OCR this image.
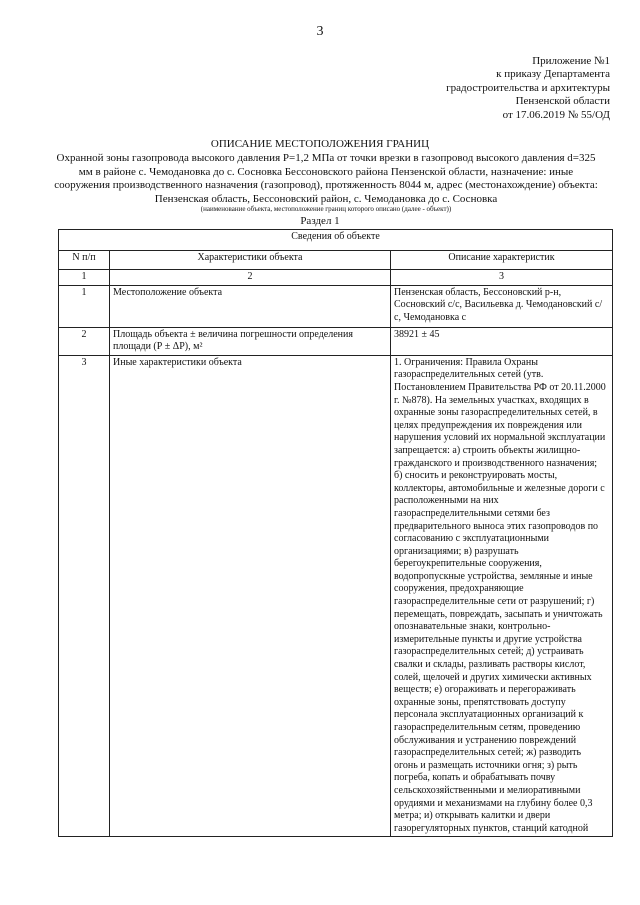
3
Приложение №1
к приказу Департамента
градостроительства и архитектуры
Пензенской области
от 17.06.2019 № 55/ОД
ОПИСАНИЕ МЕСТОПОЛОЖЕНИЯ ГРАНИЦ
Охранной зоны газопровода высокого давления Р=1,2 МПа от точки врезки в газопровод высокого давления d=325 мм в районе с. Чемодановка до с. Сосновка Бессоновского района Пензенской области, назначение: иные сооружения производственного назначения (газопровод), протяженность 8044 м, адрес (местонахождение) объекта: Пензенская область, Бессоновский район, с. Чемодановка до с. Сосновка
(наименование объекта, местоположение границ которого описано (далее - объект))
Раздел 1
Сведения об объекте		
N п/п	Характеристики объекта	Описание характеристик
1	2	3
1	Местоположение объекта	Пензенская область, Бессоновский р-н, Сосновский с/с, Васильевка д. Чемодановский с/с, Чемодановка с
2	Площадь объекта ± величина погрешности определения площади (Р ± ΔР), м²	38921 ± 45
3	Иные характеристики объекта	1. Ограничения: Правила Охраны газораспределительных сетей (утв. Постановлением Правительства РФ от 20.11.2000 г. №878). На земельных участках, входящих в охранные зоны газораспределительных сетей, в целях предупреждения их повреждения или нарушения условий их нормальной эксплуатации запрещается: а) строить объекты жилищно-гражданского и производственного назначения; б) сносить и реконструировать мосты, коллекторы, автомобильные и железные дороги с расположенными на них газораспределительными сетями без предварительного выноса этих газопроводов по согласованию с эксплуатационными организациями; в) разрушать берегоукрепительные сооружения, водопропускные устройства, земляные и иные сооружения, предохраняющие газораспределительные сети от разрушений; г) перемещать, повреждать, засыпать и уничтожать опознавательные знаки, контрольно-измерительные пункты и другие устройства газораспределительных сетей; д) устраивать свалки и склады, разливать растворы кислот, солей, щелочей и других химически активных веществ; е) огораживать и перегораживать охранные зоны, препятствовать доступу персонала эксплуатационных организаций к газораспределительным сетям, проведению обслуживания и устранению повреждений газораспределительных сетей; ж) разводить огонь и размещать источники огня; з) рыть погреба, копать и обрабатывать почву сельскохозяйственными и мелиоративными орудиями и механизмами на глубину более 0,3 метра; и) открывать калитки и двери газорегуляторных пунктов, станций катодной
